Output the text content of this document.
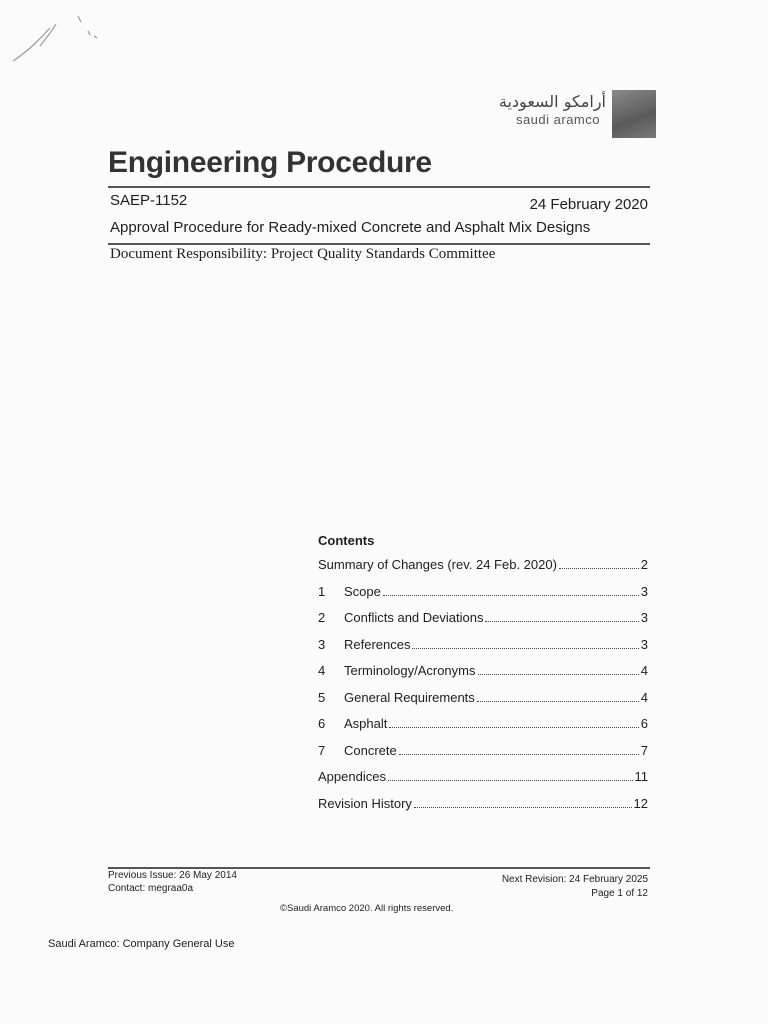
أرامكو السعودية
saudi aramco
Engineering Procedure
SAEP-1152	24 February 2020
Approval Procedure for Ready-mixed Concrete and Asphalt Mix Designs
Document Responsibility: Project Quality Standards Committee
Contents
Summary of Changes (rev. 24 Feb. 2020)	2
1	Scope	3
2	Conflicts and Deviations	3
3	References	3
4	Terminology/Acronyms	4
5	General Requirements	4
6	Asphalt	6
7	Concrete	7
Appendices	11
Revision History	12
Previous Issue: 26 May 2014
Contact: megraa0a
Next Revision: 24 February 2025
Page 1 of 12
©Saudi Aramco 2020. All rights reserved.
Saudi Aramco: Company General Use
